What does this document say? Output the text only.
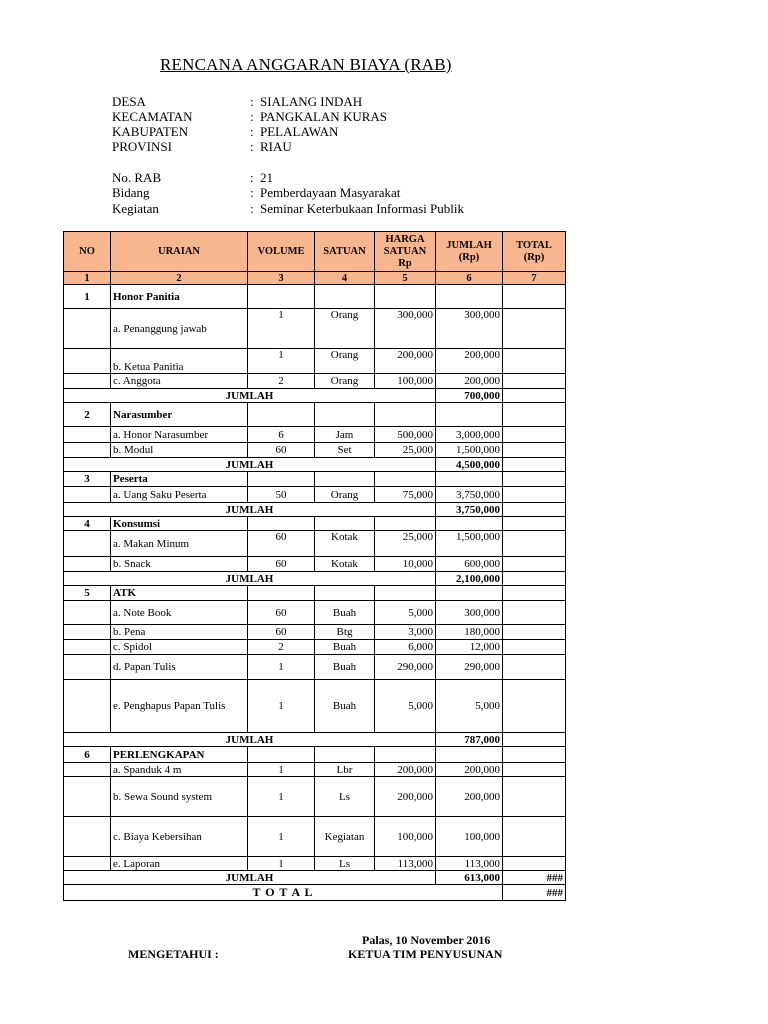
RENCANA ANGGARAN BIAYA (RAB)
DESA	: SIALANG INDAH
KECAMATAN	: PANGKALAN KURAS
KABUPATEN	: PELALAWAN
PROVINSI	: RIAU
No. RAB	: 21
Bidang	: Pemberdayaan Masyarakat
Kegiatan	: Seminar Keterbukaan Informasi Publik
NO	URAIAN	VOLUME	SATUAN	HARGA SATUAN Rp	JUMLAH (Rp)	TOTAL (Rp)
1	2	3	4	5	6	7
1	Honor Panitia					
	a. Penanggung jawab	1	Orang	300,000	300,000	
	b. Ketua Panitia	1	Orang	200,000	200,000	
	c. Anggota	2	Orang	100,000	200,000	
JUMLAH					700,000	
2	Narasumber					
	a. Honor Narasumber	6	Jam	500,000	3,000,000	
	b. Modul	60	Set	25,000	1,500,000	
JUMLAH					4,500,000	
3	Peserta					
	a. Uang Saku Peserta	50	Orang	75,000	3,750,000	
JUMLAH					3,750,000	
4	Konsumsi					
	a. Makan Minum	60	Kotak	25,000	1,500,000	
	b. Snack	60	Kotak	10,000	600,000	
JUMLAH					2,100,000	
5	ATK					
	a. Note Book	60	Buah	5,000	300,000	
	b. Pena	60	Btg	3,000	180,000	
	c. Spidol	2	Buah	6,000	12,000	
	d. Papan Tulis	1	Buah	290,000	290,000	
	e. Penghapus Papan Tulis	1	Buah	5,000	5,000	
JUMLAH					787,000	
6	PERLENGKAPAN					
	a. Spanduk 4 m	1	Lbr	200,000	200,000	
	b. Sewa Sound system	1	Ls	200,000	200,000	
	c. Biaya Kebersihan	1	Kegiatan	100,000	100,000	
	e. Laporan	1	Ls	113,000	113,000	
JUMLAH					613,000	###
T O T A L						###
Palas, 10 November 2016
MENGETAHUI :	KETUA TIM PENYUSUNAN
